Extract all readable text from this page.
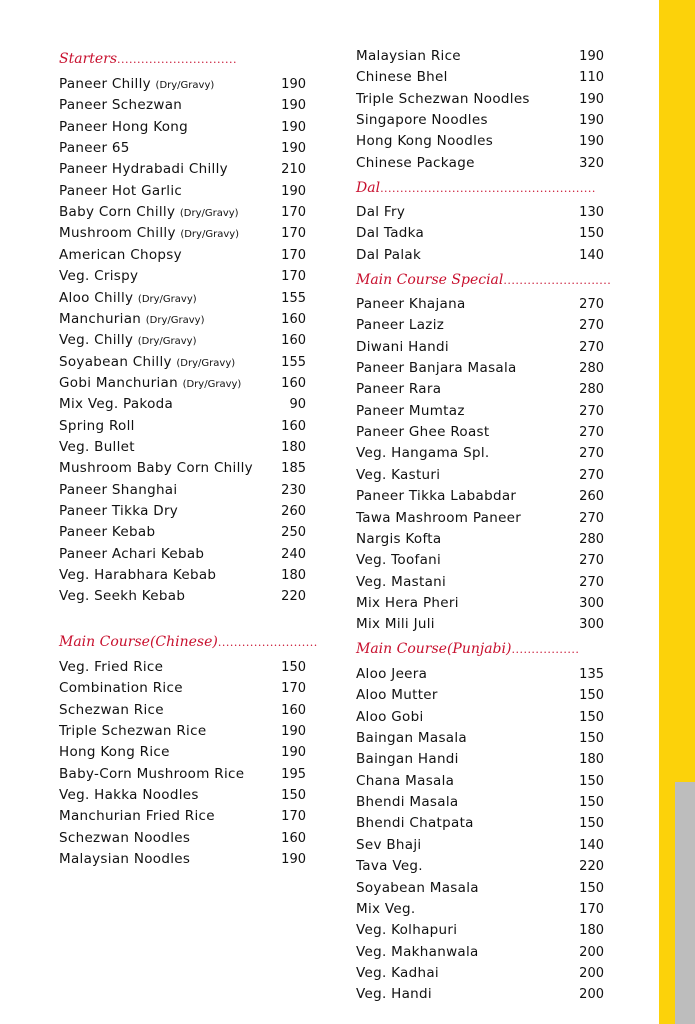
Starters..............................
Paneer Chilly (Dry/Gravy)	190
Paneer Schezwan	190
Paneer Hong Kong	190
Paneer 65	190
Paneer Hydrabadi Chilly	210
Paneer Hot Garlic	190
Baby Corn Chilly (Dry/Gravy)	170
Mushroom Chilly (Dry/Gravy)	170
American Chopsy	170
Veg. Crispy	170
Aloo Chilly (Dry/Gravy)	155
Manchurian (Dry/Gravy)	160
Veg. Chilly (Dry/Gravy)	160
Soyabean Chilly (Dry/Gravy)	155
Gobi Manchurian (Dry/Gravy)	160
Mix Veg. Pakoda	90
Spring Roll	160
Veg. Bullet	180
Mushroom Baby Corn Chilly 185
Paneer Shanghai	230
Paneer Tikka Dry	260
Paneer Kebab	250
Paneer Achari Kebab	240
Veg. Harabhara Kebab	180
Veg. Seekh Kebab	220
Main Course(Chinese).........................
Veg. Fried Rice	150
Combination Rice	170
Schezwan Rice	160
Triple Schezwan Rice	190
Hong Kong Rice	190
Baby-Corn Mushroom Rice	195
Veg. Hakka Noodles	150
Manchurian Fried Rice	170
Schezwan Noodles	160
Malaysian Noodles	190
Malaysian Rice	190
Chinese Bhel	110
Triple Schezwan Noodles	190
Singapore Noodles	190
Hong Kong Noodles	190
Chinese Package	320
Dal......................................................
Dal Fry	130
Dal Tadka	150
Dal Palak	140
Main Course Special...........................
Paneer Khajana	270
Paneer Laziz	270
Diwani Handi	270
Paneer Banjara Masala	280
Paneer Rara	280
Paneer Mumtaz	270
Paneer Ghee Roast	270
Veg. Hangama Spl.	270
Veg. Kasturi	270
Paneer Tikka Lababdar	260
Tawa Mashroom Paneer	270
Nargis Kofta	280
Veg. Toofani	270
Veg. Mastani	270
Mix Hera Pheri	300
Mix Mili Juli	300
Main Course(Punjabi).................
Aloo Jeera	135
Aloo Mutter	150
Aloo Gobi	150
Baingan Masala	150
Baingan Handi	180
Chana Masala	150
Bhendi Masala	150
Bhendi Chatpata	150
Sev Bhaji	140
Tava Veg.	220
Soyabean Masala	150
Mix Veg.	170
Veg. Kolhapuri	180
Veg. Makhanwala	200
Veg. Kadhai	200
Veg. Handi	200
